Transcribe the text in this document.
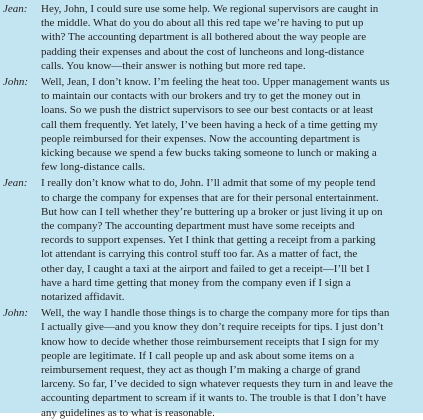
Jean:	Hey, John, I could sure use some help. We regional supervisors are caught in
the middle. What do you do about all this red tape we’re having to put up
with? The accounting department is all bothered about the way people are
padding their expenses and about the cost of luncheons and long-distance
calls. You know—their answer is nothing but more red tape.

John:	Well, Jean, I don’t know. I’m feeling the heat too. Upper management wants us
to maintain our contacts with our brokers and try to get the money out in
loans. So we push the district supervisors to see our best contacts or at least
call them frequently. Yet lately, I’ve been having a heck of a time getting my
people reimbursed for their expenses. Now the accounting department is
kicking because we spend a few bucks taking someone to lunch or making a
few long-distance calls.

Jean:	I really don’t know what to do, John. I’ll admit that some of my people tend
to charge the company for expenses that are for their personal entertainment.
But how can I tell whether they’re buttering up a broker or just living it up on
the company? The accounting department must have some receipts and
records to support expenses. Yet I think that getting a receipt from a parking
lot attendant is carrying this control stuff too far. As a matter of fact, the
other day, I caught a taxi at the airport and failed to get a receipt—I’ll bet I
have a hard time getting that money from the company even if I sign a
notarized affidavit.

John:	Well, the way I handle those things is to charge the company more for tips than
I actually give—and you know they don’t require receipts for tips. I just don’t
know how to decide whether those reimbursement receipts that I sign for my
people are legitimate. If I call people up and ask about some items on a
reimbursement request, they act as though I’m making a charge of grand
larceny. So far, I’ve decided to sign whatever requests they turn in and leave the
accounting department to scream if it wants to. The trouble is that I don’t have
any guidelines as to what is reasonable.
